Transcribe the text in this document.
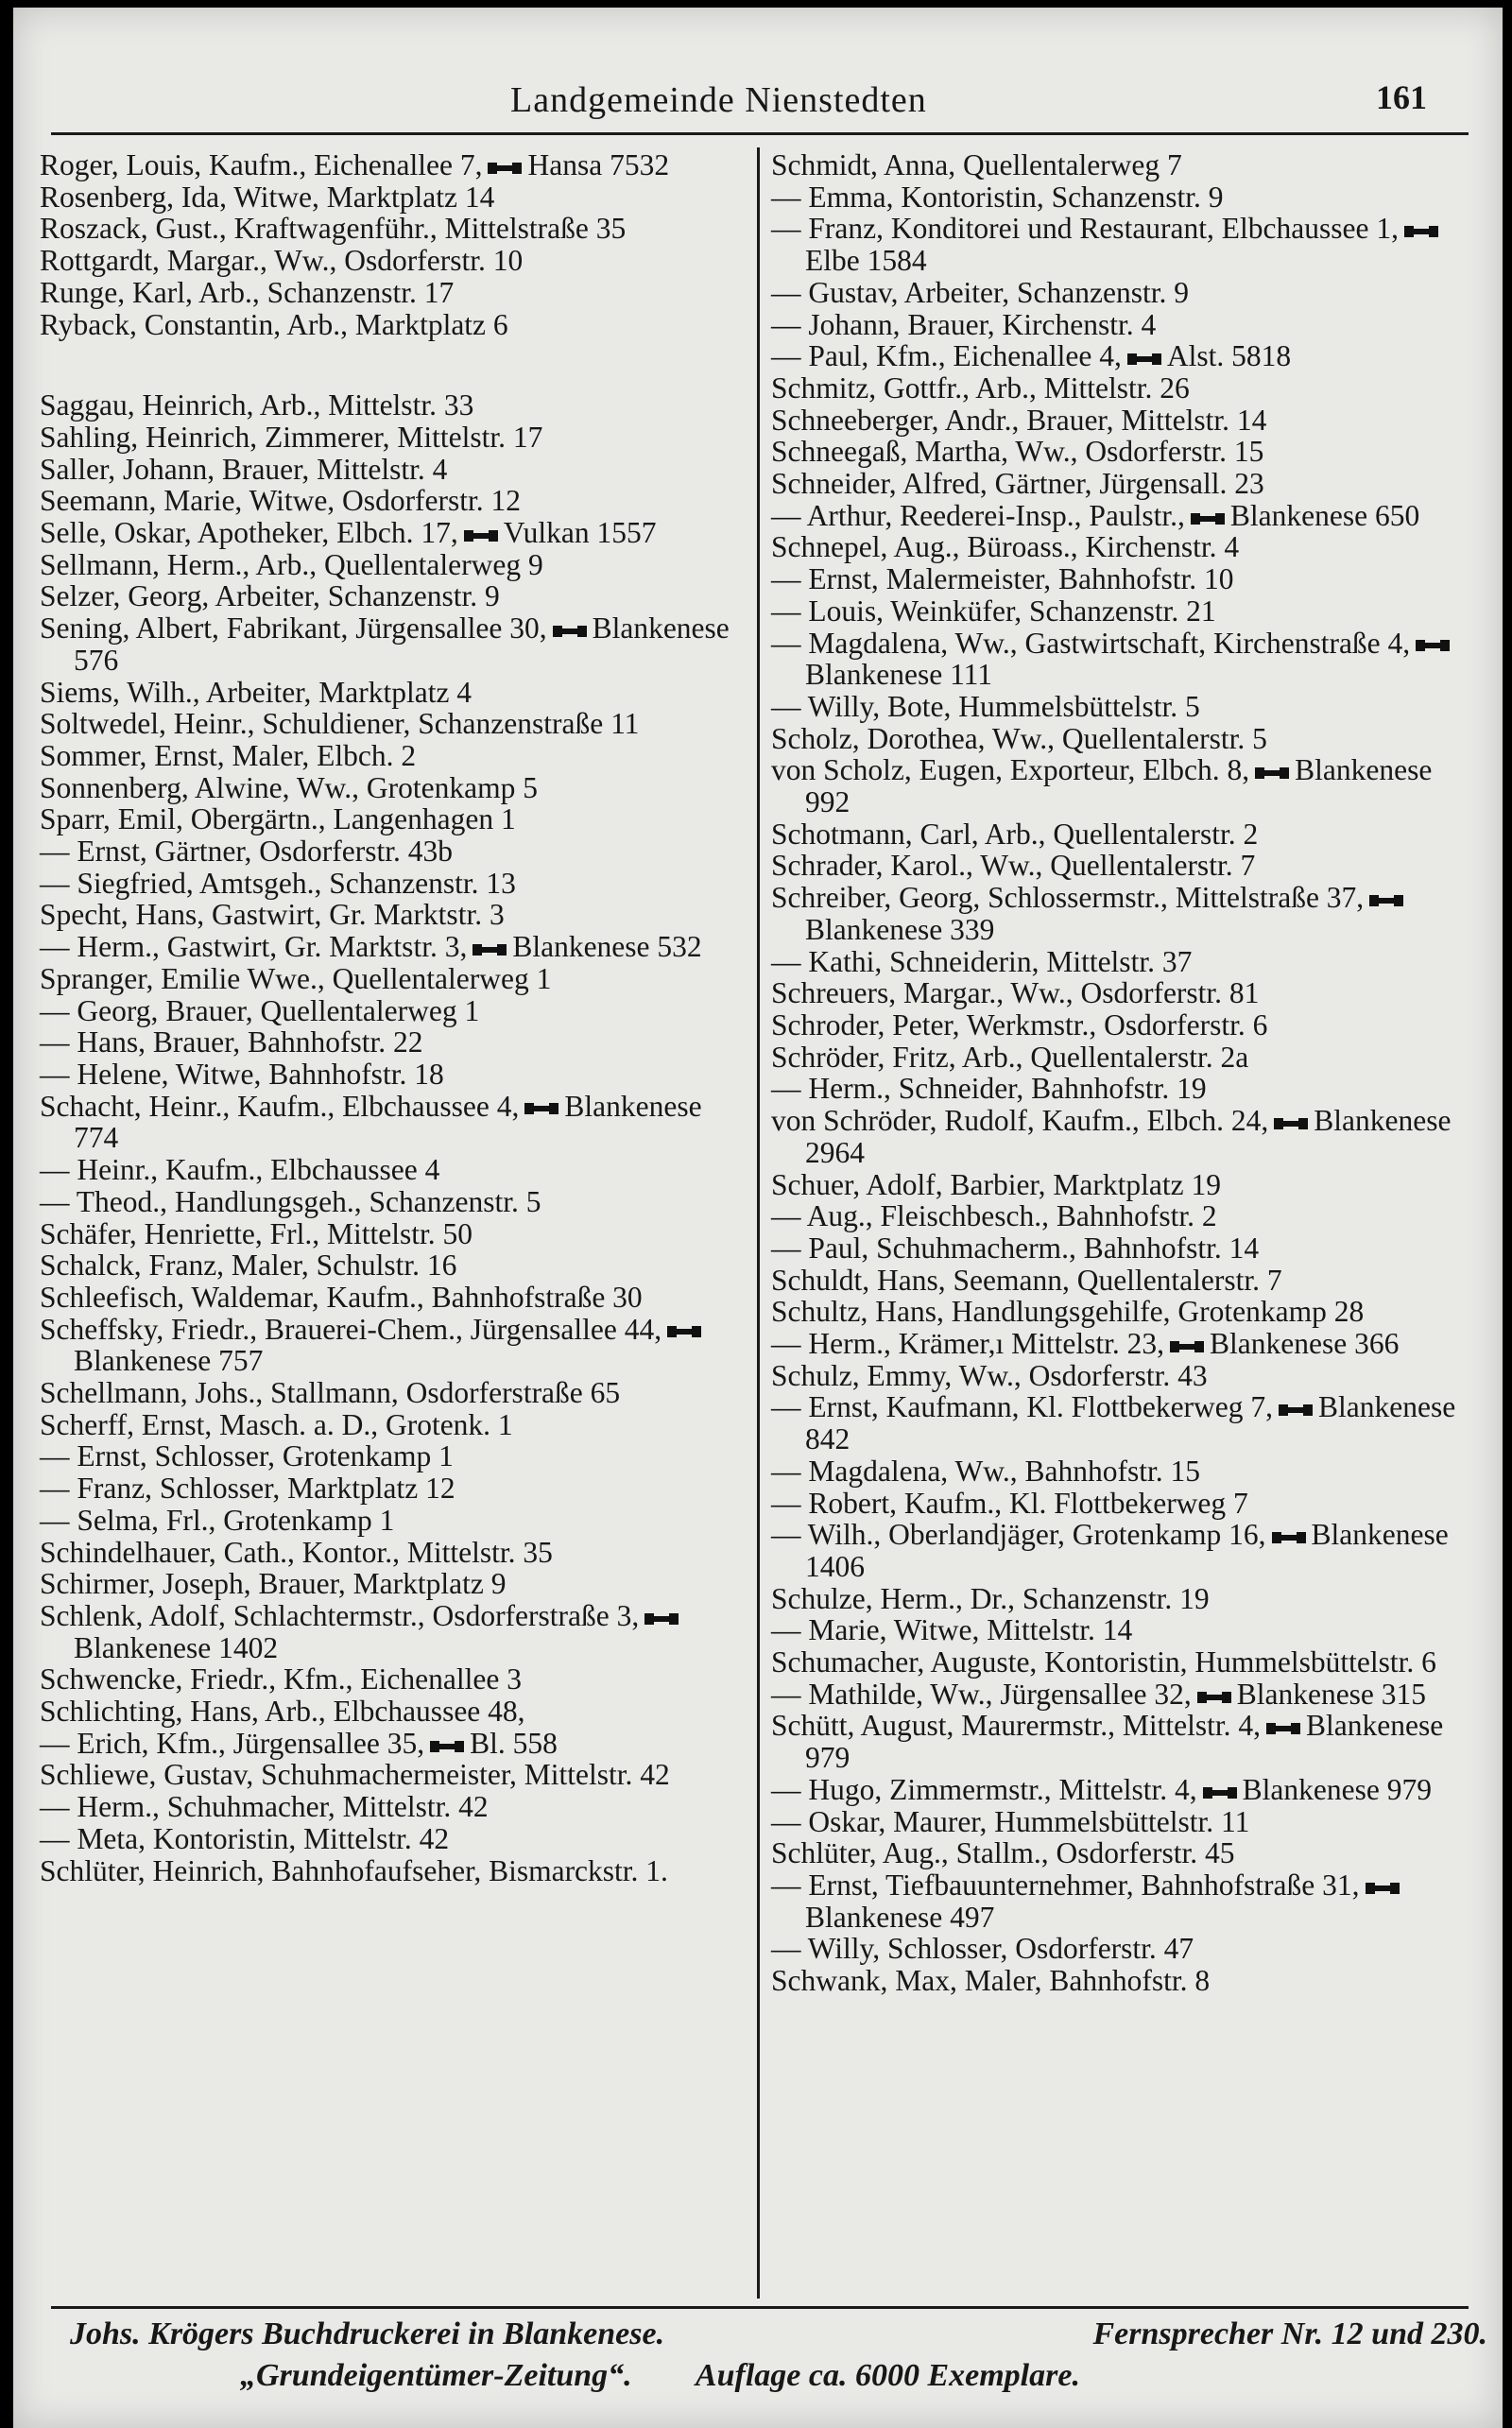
Landgemeinde Nienstedten	161

Roger, Louis, Kaufm., Eichenallee 7, Hansa 7532

Rosenberg, Ida, Witwe, Marktplatz 14

Roszack, Gust., Kraftwagenführ., Mittelstraße 35

Rottgardt, Margar., Ww., Osdorferstr. 10

Runge, Karl, Arb., Schanzenstr. 17

Ryback, Constantin, Arb., Marktplatz 6

Saggau, Heinrich, Arb., Mittelstr. 33

Sahling, Heinrich, Zimmerer, Mittelstr. 17

Saller, Johann, Brauer, Mittelstr. 4

Seemann, Marie, Witwe, Osdorferstr. 12

Selle, Oskar, Apotheker, Elbch. 17, Vulkan 1557

Sellmann, Herm., Arb., Quellentalerweg 9

Selzer, Georg, Arbeiter, Schanzenstr. 9

Sening, Albert, Fabrikant, Jürgensallee 30, Blankenese 576

Siems, Wilh., Arbeiter, Marktplatz 4

Soltwedel, Heinr., Schuldiener, Schanzenstraße 11

Sommer, Ernst, Maler, Elbch. 2

Sonnenberg, Alwine, Ww., Grotenkamp 5

Sparr, Emil, Obergärtn., Langenhagen 1

— Ernst, Gärtner, Osdorferstr. 43b

— Siegfried, Amtsgeh., Schanzenstr. 13

Specht, Hans, Gastwirt, Gr. Marktstr. 3

— Herm., Gastwirt, Gr. Marktstr. 3, Blankenese 532

Spranger, Emilie Wwe., Quellentalerweg 1

— Georg, Brauer, Quellentalerweg 1

— Hans, Brauer, Bahnhofstr. 22

— Helene, Witwe, Bahnhofstr. 18

Schacht, Heinr., Kaufm., Elbchaussee 4, Blankenese 774

— Heinr., Kaufm., Elbchaussee 4

— Theod., Handlungsgeh., Schanzenstr. 5

Schäfer, Henriette, Frl., Mittelstr. 50

Schalck, Franz, Maler, Schulstr. 16

Schleefisch, Waldemar, Kaufm., Bahnhofstraße 30

Scheffsky, Friedr., Brauerei-Chem., Jürgensallee 44,Blankenese 757

Schellmann, Johs., Stallmann, Osdorferstraße 65

Scherff, Ernst, Masch. a. D., Grotenk. 1

— Ernst, Schlosser, Grotenkamp 1

— Franz, Schlosser, Marktplatz 12

— Selma, Frl., Grotenkamp 1

Schindelhauer, Cath., Kontor., Mittelstr. 35

Schirmer, Joseph, Brauer, Marktplatz 9

Schlenk, Adolf, Schlachtermstr., Osdorferstraße 3,Blankenese 1402

Schwencke, Friedr., Kfm., Eichenallee 3

Schlichting, Hans, Arb., Elbchaussee 48,

— Erich, Kfm., Jürgensallee 35, Bl. 558

Schliewe, Gustav, Schuhmachermeister, Mittelstr. 42

— Herm., Schuhmacher, Mittelstr. 42

— Meta, Kontoristin, Mittelstr. 42

Schlüter, Heinrich, Bahnhofaufseher, Bismarckstr. 1.

Schmidt, Anna, Quellentalerweg 7

— Emma, Kontoristin, Schanzenstr. 9

— Franz, Konditorei und Restaurant, Elbchaussee 1,Elbe 1584

— Gustav, Arbeiter, Schanzenstr. 9

— Johann, Brauer, Kirchenstr. 4

— Paul, Kfm., Eichenallee 4, Alst. 5818

Schmitz, Gottfr., Arb., Mittelstr. 26

Schneeberger, Andr., Brauer, Mittelstr. 14

Schneegaß, Martha, Ww., Osdorferstr. 15

Schneider, Alfred, Gärtner, Jürgensall. 23

— Arthur, Reederei-Insp., Paulstr., Blankenese 650

Schnepel, Aug., Büroass., Kirchenstr. 4

— Ernst, Malermeister, Bahnhofstr. 10

— Louis, Weinküfer, Schanzenstr. 21

— Magdalena, Ww., Gastwirtschaft, Kirchenstraße 4,Blankenese 111

— Willy, Bote, Hummelsbüttelstr. 5

Scholz, Dorothea, Ww., Quellentalerstr. 5

von Scholz, Eugen, Exporteur, Elbch. 8, Blankenese 992

Schotmann, Carl, Arb., Quellentalerstr. 2

Schrader, Karol., Ww., Quellentalerstr. 7

Schreiber, Georg, Schlossermstr., Mittelstraße 37,Blankenese 339

— Kathi, Schneiderin, Mittelstr. 37

Schreuers, Margar., Ww., Osdorferstr. 81

Schroder, Peter, Werkmstr., Osdorferstr. 6

Schröder, Fritz, Arb., Quellentalerstr. 2a

— Herm., Schneider, Bahnhofstr. 19

von Schröder, Rudolf, Kaufm., Elbch. 24, Blankenese 2964

Schuer, Adolf, Barbier, Marktplatz 19

— Aug., Fleischbesch., Bahnhofstr. 2

— Paul, Schuhmacherm., Bahnhofstr. 14

Schuldt, Hans, Seemann, Quellentalerstr. 7

Schultz, Hans, Handlungsgehilfe, Grotenkamp 28

— Herm., Krämer,ı Mittelstr. 23, Blankenese 366

Schulz, Emmy, Ww., Osdorferstr. 43

— Ernst, Kaufmann, Kl. Flottbekerweg 7, Blankenese 842

— Magdalena, Ww., Bahnhofstr. 15

— Robert, Kaufm., Kl. Flottbekerweg 7

— Wilh., Oberlandjäger, Grotenkamp 16, Blankenese 1406

Schulze, Herm., Dr., Schanzenstr. 19

— Marie, Witwe, Mittelstr. 14

Schumacher, Auguste, Kontoristin, Hummelsbüttelstr. 6

— Mathilde, Ww., Jürgensallee 32, Blankenese 315

Schütt, August, Maurermstr., Mittelstr. 4, Blankenese 979

— Hugo, Zimmermstr., Mittelstr. 4, Blankenese 979

— Oskar, Maurer, Hummelsbüttelstr. 11

Schlüter, Aug., Stallm., Osdorferstr. 45

— Ernst, Tiefbauunternehmer, Bahnhofstraße 31,Blankenese 497

— Willy, Schlosser, Osdorferstr. 47

Schwank, Max, Maler, Bahnhofstr. 8

Johs. Krögers Buchdruckerei in Blankenese.	Fernsprecher Nr. 12 und 230.
„Grundeigentümer-Zeitung“. Auflage ca. 6000 Exemplare.
